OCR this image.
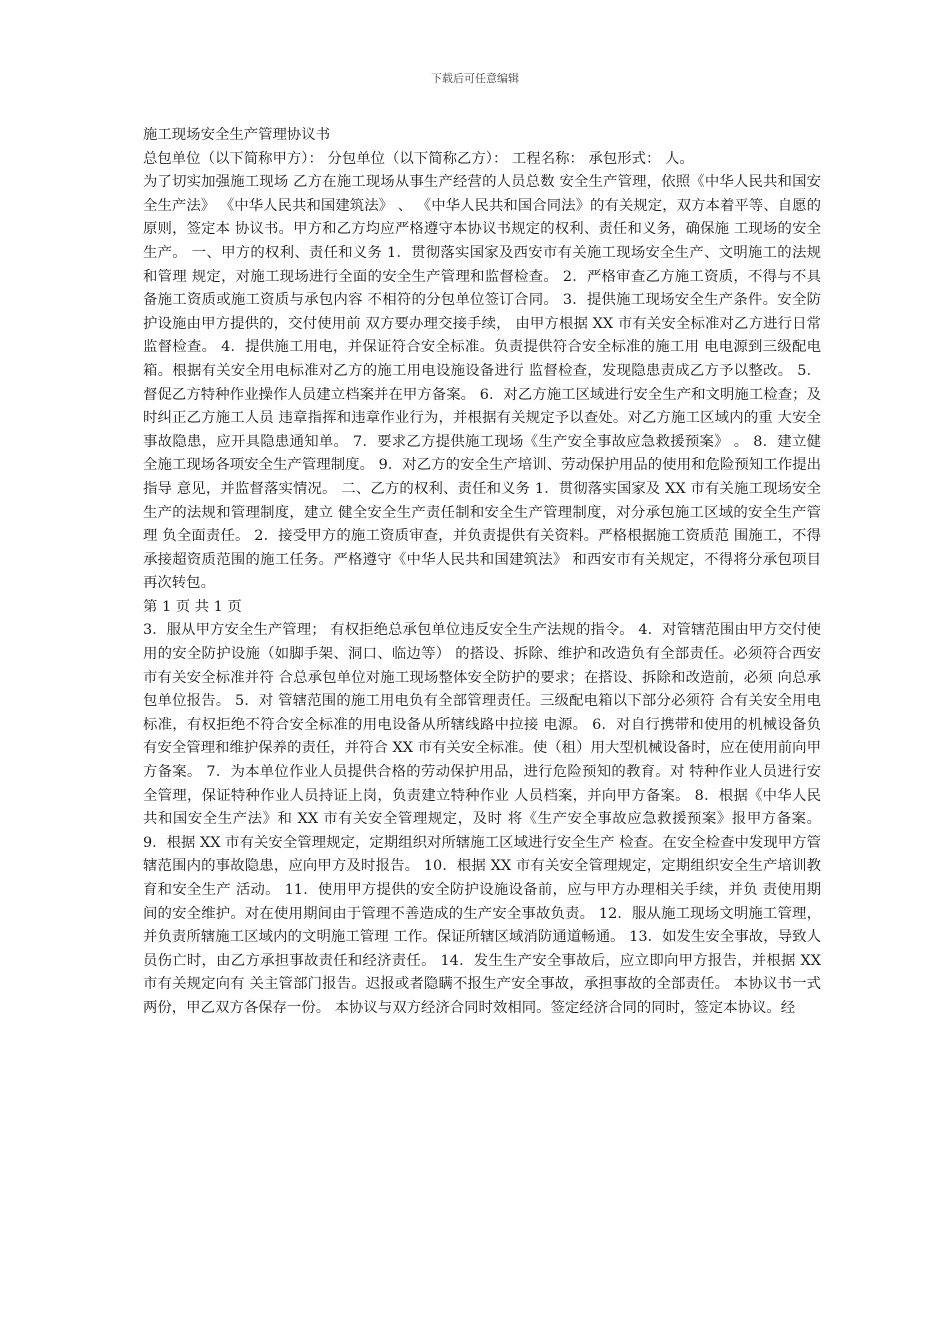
下载后可任意编辑

施工现场安全生产管理协议书

总包单位（以下简称甲方）： 分包单位（以下简称乙方）： 工程名称： 承包形式： 人。

为了切实加强施工现场 乙方在施工现场从事生产经营的人员总数 安全生产管理，依照《中华人民共和国安全生产法》 《中华人民共和国建筑法》 、 《中华人民共和国合同法》的有关规定，双方本着平等、自愿的原则，签定本 协议书。甲方和乙方均应严格遵守本协议书规定的权利、责任和义务，确保施 工现场的安全生产。 一、甲方的权利、责任和义务 1．贯彻落实国家及西安市有关施工现场安全生产、文明施工的法规和管理 规定，对施工现场进行全面的安全生产管理和监督检查。 2．严格审查乙方施工资质，不得与不具备施工资质或施工资质与承包内容 不相符的分包单位签订合同。 3．提供施工现场安全生产条件。安全防护设施由甲方提供的，交付使用前 双方要办理交接手续， 由甲方根据 XX 市有关安全标准对乙方进行日常监督检查。 4．提供施工用电，并保证符合安全标准。负责提供符合安全标准的施工用 电电源到三级配电箱。根据有关安全用电标准对乙方的施工用电设施设备进行 监督检查，发现隐患责成乙方予以整改。 5．督促乙方特种作业操作人员建立档案并在甲方备案。 6．对乙方施工区域进行安全生产和文明施工检查；及时纠正乙方施工人员 违章指挥和违章作业行为，并根据有关规定予以查处。对乙方施工区域内的重 大安全事故隐患，应开具隐患通知单。 7．要求乙方提供施工现场《生产安全事故应急救援预案》 。 8．建立健全施工现场各项安全生产管理制度。 9．对乙方的安全生产培训、劳动保护用品的使用和危险预知工作提出指导 意见，并监督落实情况。 二、乙方的权利、责任和义务 1．贯彻落实国家及 XX 市有关施工现场安全生产的法规和管理制度，建立 健全安全生产责任制和安全生产管理制度，对分承包施工区域的安全生产管理 负全面责任。 2．接受甲方的施工资质审查，并负责提供有关资料。严格根据施工资质范 围施工，不得承接超资质范围的施工任务。严格遵守《中华人民共和国建筑法》 和西安市有关规定，不得将分承包项目再次转包。

第 1 页 共 1 页

3．服从甲方安全生产管理； 有权拒绝总承包单位违反安全生产法规的指令。 4．对管辖范围由甲方交付使用的安全防护设施（如脚手架、洞口、临边等） 的搭设、拆除、维护和改造负有全部责任。必须符合西安市有关安全标准并符 合总承包单位对施工现场整体安全防护的要求；在搭设、拆除和改造前，必须 向总承包单位报告。 5．对 管辖范围的施工用电负有全部管理责任。三级配电箱以下部分必须符 合有关安全用电标准，有权拒绝不符合安全标准的用电设备从所辖线路中拉接 电源。 6．对自行携带和使用的机械设备负有安全管理和维护保养的责任，并符合 XX 市有关安全标准。使（租）用大型机械设备时，应在使用前向甲方备案。 7．为本单位作业人员提供合格的劳动保护用品，进行危险预知的教育。对 特种作业人员进行安全管理，保证特种作业人员持证上岗，负责建立特种作业 人员档案，并向甲方备案。 8．根据《中华人民共和国安全生产法》和 XX 市有关安全管理规定，及时 将《生产安全事故应急救援预案》报甲方备案。 9．根据 XX 市有关安全管理规定，定期组织对所辖施工区域进行安全生产 检查。在安全检查中发现甲方管辖范围内的事故隐患，应向甲方及时报告。 10．根据 XX 市有关安全管理规定，定期组织安全生产培训教育和安全生产 活动。 11．使用甲方提供的安全防护设施设备前，应与甲方办理相关手续，并负 责使用期间的安全维护。对在使用期间由于管理不善造成的生产安全事故负责。 12．服从施工现场文明施工管理，并负责所辖施工区域内的文明施工管理 工作。保证所辖区域消防通道畅通。 13．如发生安全事故，导致人员伤亡时，由乙方承担事故责任和经济责任。 14．发生生产安全事故后，应立即向甲方报告，并根据 XX 市有关规定向有 关主管部门报告。迟报或者隐瞒不报生产安全事故，承担事故的全部责任。 本协议书一式两份，甲乙双方各保存一份。 本协议与双方经济合同时效相同。签定经济合同的同时，签定本协议。经
